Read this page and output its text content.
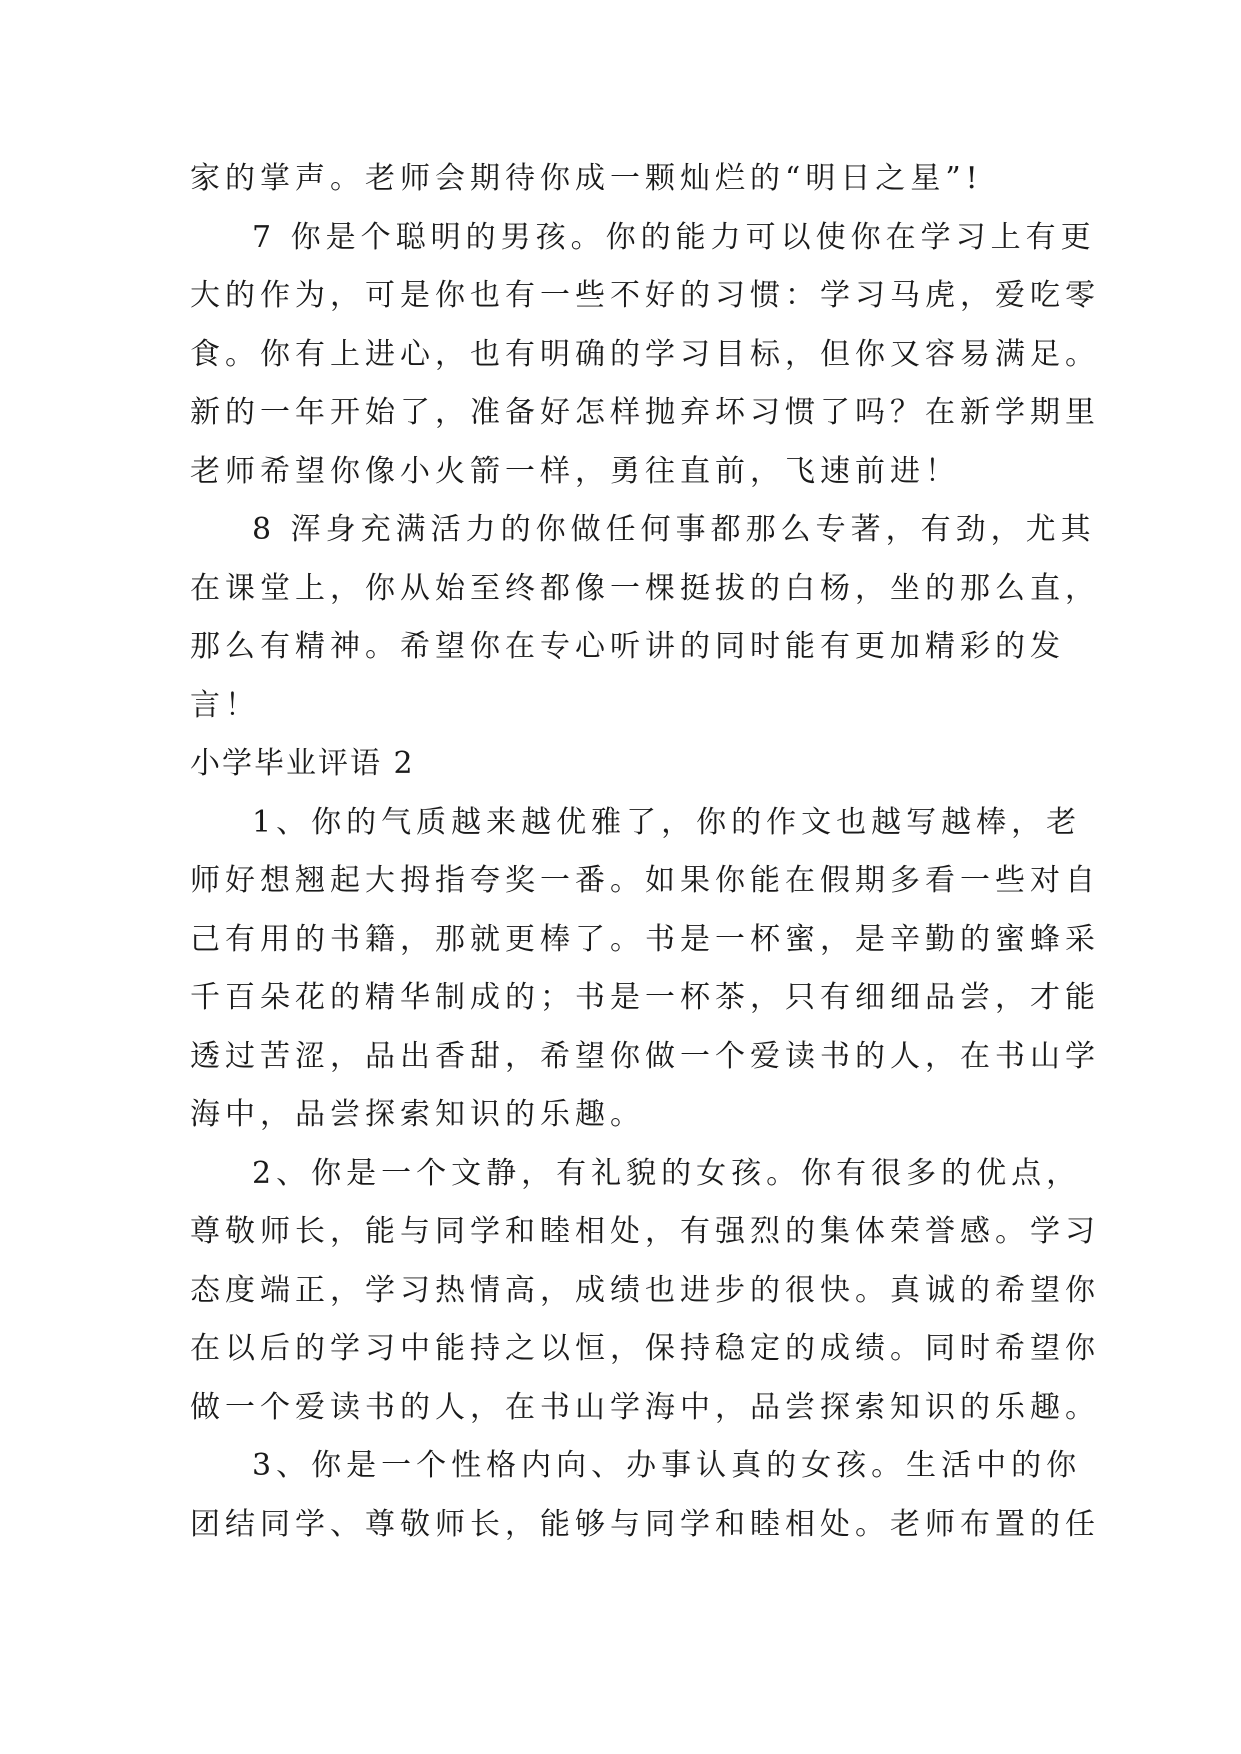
家的掌声。老师会期待你成一颗灿烂的“明日之星”!
7 你是个聪明的男孩。你的能力可以使你在学习上有更
大的作为，可是你也有一些不好的习惯：学习马虎，爱吃零
食。你有上进心，也有明确的学习目标，但你又容易满足。
新的一年开始了，准备好怎样抛弃坏习惯了吗？在新学期里
老师希望你像小火箭一样，勇往直前，飞速前进！
8 浑身充满活力的你做任何事都那么专著，有劲，尤其
在课堂上，你从始至终都像一棵挺拔的白杨，坐的那么直，
那么有精神。希望你在专心听讲的同时能有更加精彩的发
言！
小学毕业评语 2
1、你的气质越来越优雅了，你的作文也越写越棒，老
师好想翘起大拇指夸奖一番。如果你能在假期多看一些对自
己有用的书籍，那就更棒了。书是一杯蜜，是辛勤的蜜蜂采
千百朵花的精华制成的；书是一杯茶，只有细细品尝，才能
透过苦涩，品出香甜，希望你做一个爱读书的人，在书山学
海中，品尝探索知识的乐趣。
2、你是一个文静，有礼貌的女孩。你有很多的优点，
尊敬师长，能与同学和睦相处，有强烈的集体荣誉感。学习
态度端正，学习热情高，成绩也进步的很快。真诚的希望你
在以后的学习中能持之以恒，保持稳定的成绩。同时希望你
做一个爱读书的人，在书山学海中，品尝探索知识的乐趣。
3、你是一个性格内向、办事认真的女孩。生活中的你
团结同学、尊敬师长，能够与同学和睦相处。老师布置的任
